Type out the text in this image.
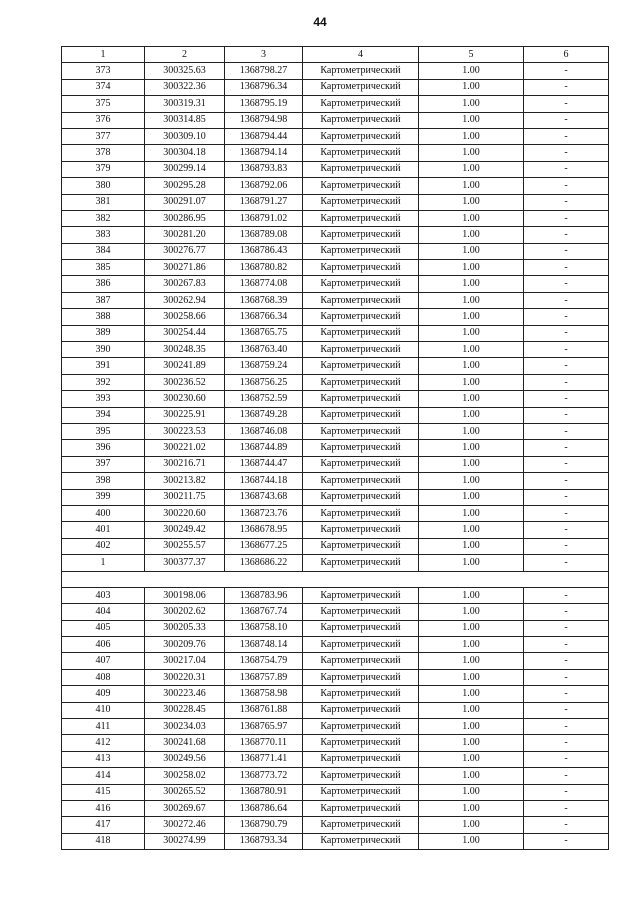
44
1	2	3	4	5	6
373	300325.63	1368798.27	Картометрический	1.00	-
374	300322.36	1368796.34	Картометрический	1.00	-
375	300319.31	1368795.19	Картометрический	1.00	-
376	300314.85	1368794.98	Картометрический	1.00	-
377	300309.10	1368794.44	Картометрический	1.00	-
378	300304.18	1368794.14	Картометрический	1.00	-
379	300299.14	1368793.83	Картометрический	1.00	-
380	300295.28	1368792.06	Картометрический	1.00	-
381	300291.07	1368791.27	Картометрический	1.00	-
382	300286.95	1368791.02	Картометрический	1.00	-
383	300281.20	1368789.08	Картометрический	1.00	-
384	300276.77	1368786.43	Картометрический	1.00	-
385	300271.86	1368780.82	Картометрический	1.00	-
386	300267.83	1368774.08	Картометрический	1.00	-
387	300262.94	1368768.39	Картометрический	1.00	-
388	300258.66	1368766.34	Картометрический	1.00	-
389	300254.44	1368765.75	Картометрический	1.00	-
390	300248.35	1368763.40	Картометрический	1.00	-
391	300241.89	1368759.24	Картометрический	1.00	-
392	300236.52	1368756.25	Картометрический	1.00	-
393	300230.60	1368752.59	Картометрический	1.00	-
394	300225.91	1368749.28	Картометрический	1.00	-
395	300223.53	1368746.08	Картометрический	1.00	-
396	300221.02	1368744.89	Картометрический	1.00	-
397	300216.71	1368744.47	Картометрический	1.00	-
398	300213.82	1368744.18	Картометрический	1.00	-
399	300211.75	1368743.68	Картометрический	1.00	-
400	300220.60	1368723.76	Картометрический	1.00	-
401	300249.42	1368678.95	Картометрический	1.00	-
402	300255.57	1368677.25	Картометрический	1.00	-
1	300377.37	1368686.22	Картометрический	1.00	-

403	300198.06	1368783.96	Картометрический	1.00	-
404	300202.62	1368767.74	Картометрический	1.00	-
405	300205.33	1368758.10	Картометрический	1.00	-
406	300209.76	1368748.14	Картометрический	1.00	-
407	300217.04	1368754.79	Картометрический	1.00	-
408	300220.31	1368757.89	Картометрический	1.00	-
409	300223.46	1368758.98	Картометрический	1.00	-
410	300228.45	1368761.88	Картометрический	1.00	-
411	300234.03	1368765.97	Картометрический	1.00	-
412	300241.68	1368770.11	Картометрический	1.00	-
413	300249.56	1368771.41	Картометрический	1.00	-
414	300258.02	1368773.72	Картометрический	1.00	-
415	300265.52	1368780.91	Картометрический	1.00	-
416	300269.67	1368786.64	Картометрический	1.00	-
417	300272.46	1368790.79	Картометрический	1.00	-
418	300274.99	1368793.34	Картометрический	1.00	-
